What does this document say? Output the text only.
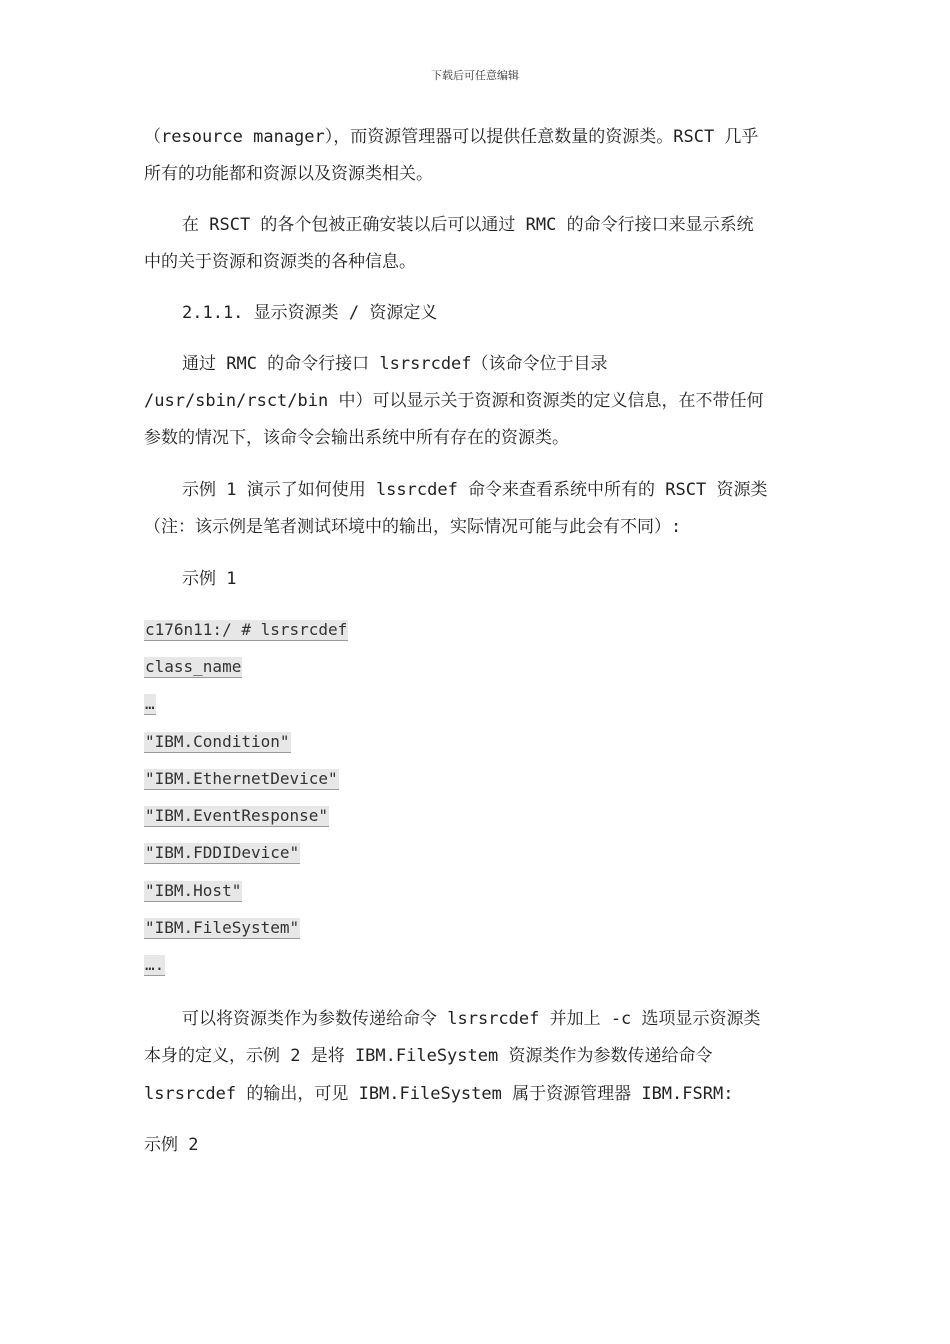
下载后可任意编辑
（resource manager），而资源管理器可以提供任意数量的资源类。RSCT 几乎
所有的功能都和资源以及资源类相关。
在 RSCT 的各个包被正确安装以后可以通过 RMC 的命令行接口来显示系统
中的关于资源和资源类的各种信息。
2.1.1. 显示资源类 / 资源定义
通过 RMC 的命令行接口 lsrsrcdef（该命令位于目录
/usr/sbin/rsct/bin 中）可以显示关于资源和资源类的定义信息，在不带任何
参数的情况下，该命令会输出系统中所有存在的资源类。
示例 1 演示了如何使用 lssrcdef 命令来查看系统中所有的 RSCT 资源类
（注：该示例是笔者测试环境中的输出，实际情况可能与此会有不同）:
示例 1
c176n11:/ # lsrsrcdef
class_name
…
"IBM.Condition"
"IBM.EthernetDevice"
"IBM.EventResponse"
"IBM.FDDIDevice"
"IBM.Host"
"IBM.FileSystem"
….
可以将资源类作为参数传递给命令 lsrsrcdef 并加上 -c 选项显示资源类
本身的定义，示例 2 是将 IBM.FileSystem 资源类作为参数传递给命令
lsrsrcdef 的输出，可见 IBM.FileSystem 属于资源管理器 IBM.FSRM:
示例 2
